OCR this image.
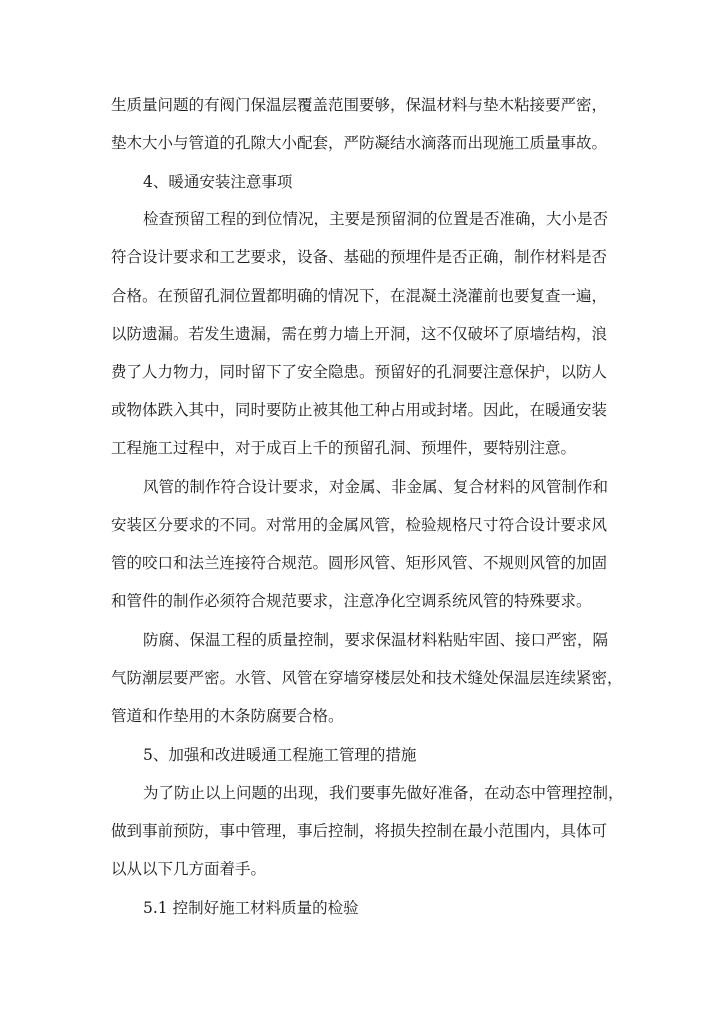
生质量问题的有阀门保温层覆盖范围要够，保温材料与垫木粘接要严密，
垫木大小与管道的孔隙大小配套，严防凝结水滴落而出现施工质量事故。
4、暖通安装注意事项
检查预留工程的到位情况，主要是预留洞的位置是否准确，大小是否
符合设计要求和工艺要求，设备、基础的预埋件是否正确，制作材料是否
合格。在预留孔洞位置都明确的情况下，在混凝土浇灌前也要复查一遍，
以防遗漏。若发生遗漏，需在剪力墙上开洞，这不仅破坏了原墙结构，浪
费了人力物力，同时留下了安全隐患。预留好的孔洞要注意保护，以防人
或物体跌入其中，同时要防止被其他工种占用或封堵。因此，在暖通安装
工程施工过程中，对于成百上千的预留孔洞、预埋件，要特别注意。
风管的制作符合设计要求，对金属、非金属、复合材料的风管制作和
安装区分要求的不同。对常用的金属风管，检验规格尺寸符合设计要求风
管的咬口和法兰连接符合规范。圆形风管、矩形风管、不规则风管的加固
和管件的制作必须符合规范要求，注意净化空调系统风管的特殊要求。
防腐、保温工程的质量控制，要求保温材料粘贴牢固、接口严密，隔
气防潮层要严密。水管、风管在穿墙穿楼层处和技术缝处保温层连续紧密，
管道和作垫用的木条防腐要合格。
5、加强和改进暖通工程施工管理的措施
为了防止以上问题的出现，我们要事先做好准备，在动态中管理控制，
做到事前预防，事中管理，事后控制，将损失控制在最小范围内，具体可
以从以下几方面着手。
5.1 控制好施工材料质量的检验
